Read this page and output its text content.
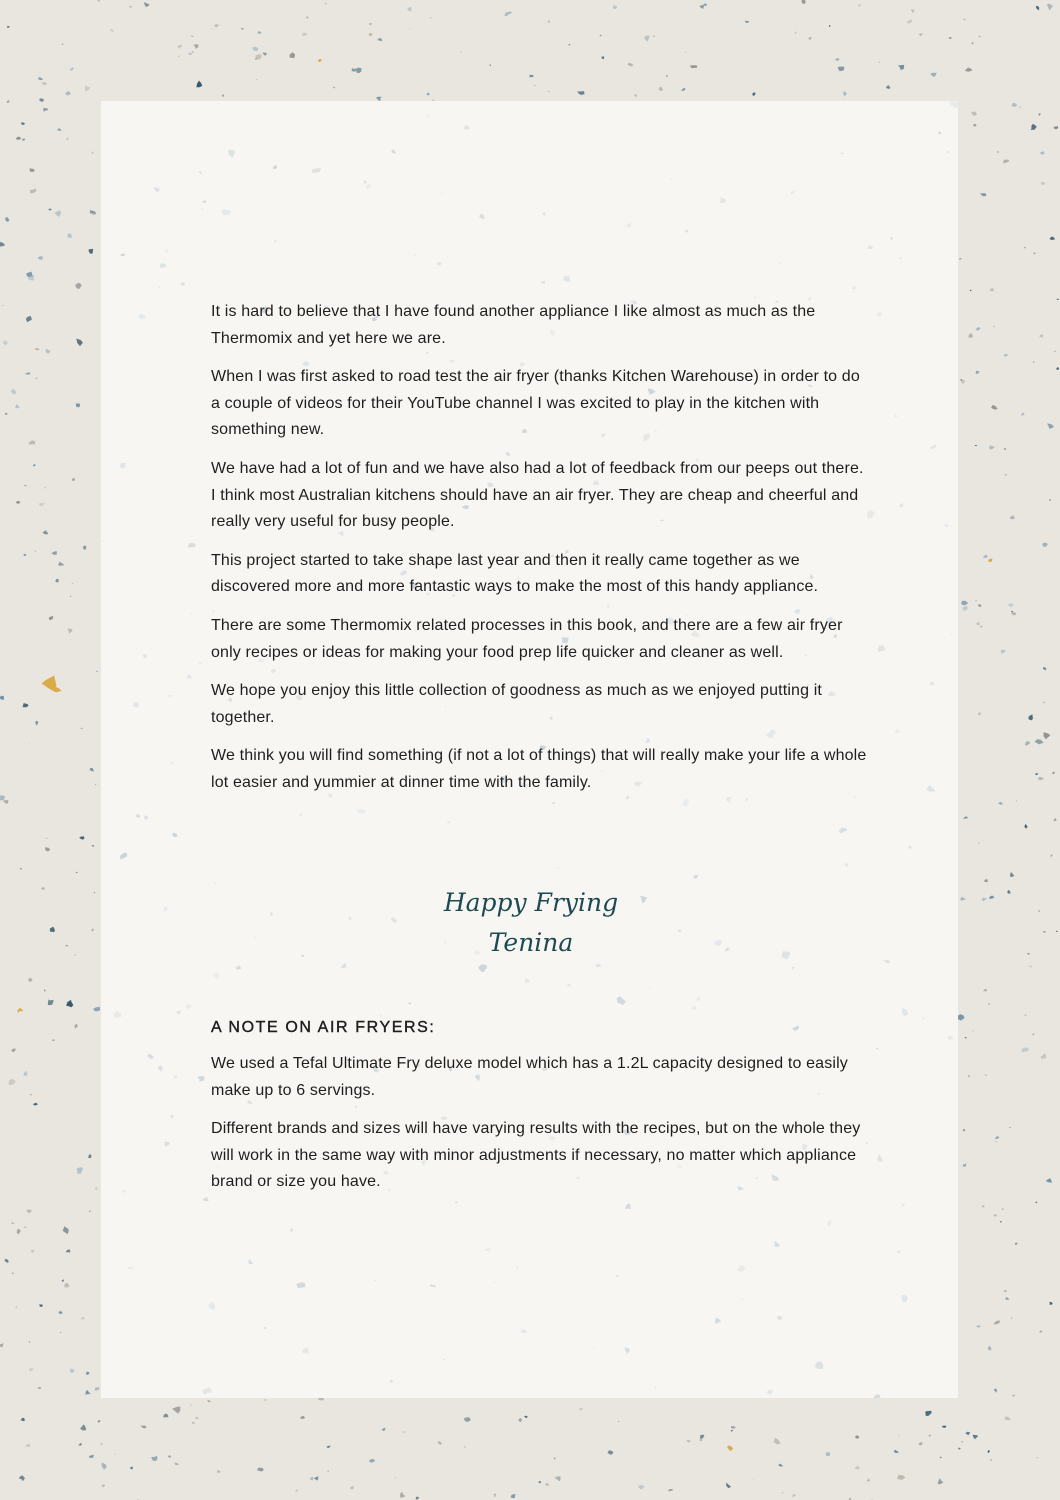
It is hard to believe that I have found another appliance I like almost as much as the Thermomix and yet here we are.

When I was first asked to road test the air fryer (thanks Kitchen Warehouse) in order to do a couple of videos for their YouTube channel I was excited to play in the kitchen with something new.

We have had a lot of fun and we have also had a lot of feedback from our peeps out there. I think most Australian kitchens should have an air fryer. They are cheap and cheerful and really very useful for busy people.

This project started to take shape last year and then it really came together as we discovered more and more fantastic ways to make the most of this handy appliance.

There are some Thermomix related processes in this book, and there are a few air fryer only recipes or ideas for making your food prep life quicker and cleaner as well.

We hope you enjoy this little collection of goodness as much as we enjoyed putting it together.

We think you will find something (if not a lot of things) that will really make your life a whole lot easier and yummier at dinner time with the family.

Happy Frying
Tenina
A NOTE ON AIR FRYERS:

We used a Tefal Ultimate Fry deluxe model which has a 1.2L capacity designed to easily make up to 6 servings.

Different brands and sizes will have varying results with the recipes, but on the whole they will work in the same way with minor adjustments if necessary, no matter which appliance brand or size you have.
